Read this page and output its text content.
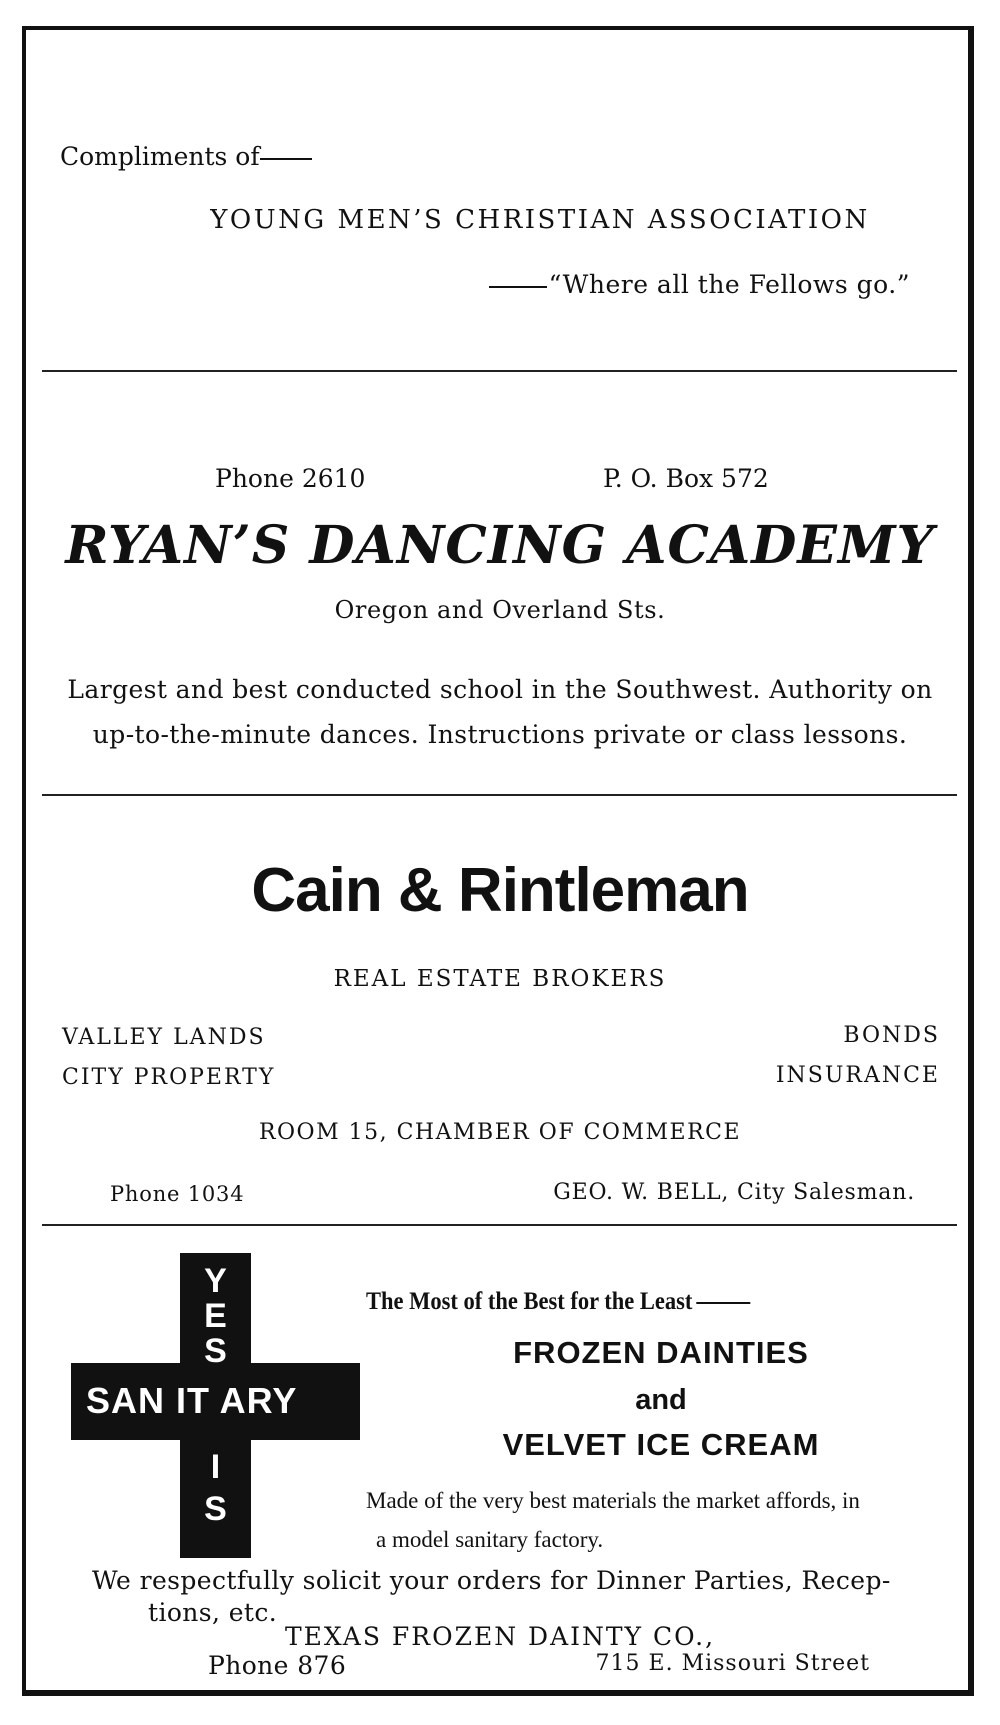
Compliments of
YOUNG MEN’S CHRISTIAN ASSOCIATION
“Where all the Fellows go.”
Phone 2610	P. O. Box 572
RYAN’S DANCING ACADEMY
Oregon and Overland Sts.
Largest and best conducted school in the Southwest. Authority on
up-to-the-minute dances. Instructions private or class lessons.
Cain & Rintleman
REAL ESTATE BROKERS
VALLEY LANDS
CITY PROPERTY
BONDS
INSURANCE
ROOM 15, CHAMBER OF COMMERCE
Phone 1034	GEO. W. BELL, City Salesman.
Y
E
S
I
S
SAN IT ARY
The Most of the Best for the Least
FROZEN DAINTIES
and
VELVET ICE CREAM
Made of the very best materials the market affords, in
a model sanitary factory.
We respectfully solicit your orders for Dinner Parties, Recep-
tions, etc.
TEXAS FROZEN DAINTY CO.,
Phone 876	715 E. Missouri Street
